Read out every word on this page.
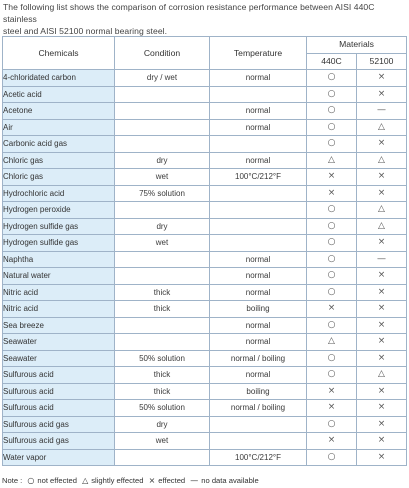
The following list shows the comparison of corrosion resistance performance between AISI 440C stainless
steel and AISI 52100 normal bearing steel.
Chemicals	Condition	Temperature	Materials	
			440C	52100
4-chloridated carbon	dry / wet	normal	○	×
Acetic acid			○	×
Acetone		normal	○	—
Air		normal	○	△
Carbonic acid gas			○	×
Chloric gas	dry	normal	△	△
Chloric gas	wet	100°C/212°F	×	×
Hydrochloric acid	75% solution		×	×
Hydrogen peroxide			○	△
Hydrogen sulfide gas	dry		○	△
Hydrogen sulfide gas	wet		○	×
Naphtha		normal	○	—
Natural water		normal	○	×
Nitric acid	thick	normal	○	×
Nitric acid	thick	boiling	×	×
Sea breeze		normal	○	×
Seawater		normal	△	×
Seawater	50% solution	normal / boiling	○	×
Sulfurous acid	thick	normal	○	△
Sulfurous acid	thick	boiling	×	×
Sulfurous acid	50% solution	normal / boiling	×	×
Sulfurous acid gas	dry		○	×
Sulfurous acid gas	wet		×	×
Water vapor		100°C/212°F	○	×
Note : ○ not effected △ slightly effected × effected — no data available
